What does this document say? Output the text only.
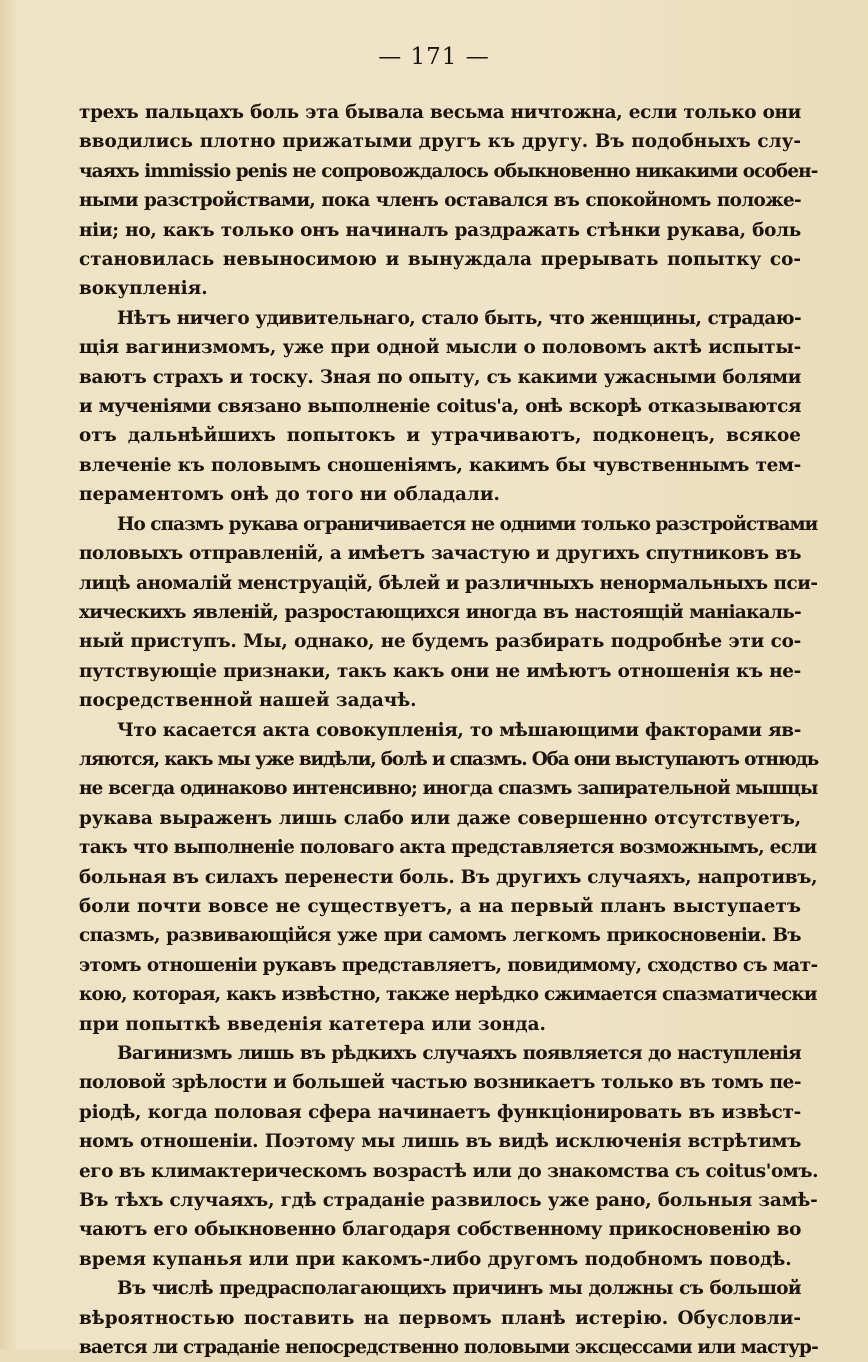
— 171 —

трехъ пальцахъ боль эта бывала весьма ничтожна, если только они
вводились плотно прижатыми другъ къ другу. Въ подобныхъ слу-
чаяхъ immissio penis не сопровождалось обыкновенно никакими особен-
ными разстройствами, пока членъ оставался въ спокойномъ положе-
нiи; но, какъ только онъ начиналъ раздражать стѣнки рукава, боль
становилась невыносимою и вынуждала прерывать попытку со-
вокупленія.

Нѣтъ ничего удивительнаго, стало быть, что женщины, страдаю-
щія вагинизмомъ, уже при одной мысли о половомъ актѣ испыты-
ваютъ страхъ и тоску. Зная по опыту, съ какими ужасными болями
и мученіями связано выполненіе coitus'а, онѣ вскорѣ отказываются
отъ дальнѣйшихъ попытокъ и утрачиваютъ, подконецъ, всякое
влеченіе къ половымъ сношеніямъ, какимъ бы чувственнымъ тем-
пераментомъ онѣ до того ни обладали.

Но спазмъ рукава ограничивается не одними только разстройствами
половыхъ отправленій, а имѣетъ зачастую и другихъ спутниковъ въ
лицѣ аномалій менструацій, бѣлей и различныхъ ненормальныхъ пси-
хическихъ явленій, разростающихся иногда въ настоящій маніакаль-
ный приступъ. Мы, однако, не будемъ разбирать подробнѣе эти со-
путствующіе признаки, такъ какъ они не имѣютъ отношенія къ не-
посредственной нашей задачѣ.

Что касается акта совокупленія, то мѣшающими факторами яв-
ляются, какъ мы уже видѣли, болѣ и спазмъ. Оба они выступаютъ отнюдь
не всегда одинаково интенсивно; иногда спазмъ запирательной мышцы
рукава выраженъ лишь слабо или даже совершенно отсутствуетъ,
такъ что выполненіе половаго акта представляется возможнымъ, если
больная въ силахъ перенести боль. Въ другихъ случаяхъ, напротивъ,
боли почти вовсе не существуетъ, а на первый планъ выступаетъ
спазмъ, развивающійся уже при самомъ легкомъ прикосновеніи. Въ
этомъ отношеніи рукавъ представляетъ, повидимому, сходство съ мат-
кою, которая, какъ извѣстно, также нерѣдко сжимается спазматически
при попыткѣ введенія катетера или зонда.

Вагинизмъ лишь въ рѣдкихъ случаяхъ появляется до наступленія
половой зрѣлости и большей частью возникаетъ только въ томъ пе-
ріодѣ, когда половая сфера начинаетъ функціонировать въ извѣст-
номъ отношеніи. Поэтому мы лишь въ видѣ исключенія встрѣтимъ
его въ климактерическомъ возрастѣ или до знакомства съ coitus'омъ.
Въ тѣхъ случаяхъ, гдѣ страданіе развилось уже рано, больныя замѣ-
чаютъ его обыкновенно благодаря собственному прикосновенію во
время купанья или при какомъ-либо другомъ подобномъ поводѣ.

Въ числѣ предрасполагающихъ причинъ мы должны съ большой
вѣроятностью поставить на первомъ планѣ истерію. Обусловли-
вается ли страданіе непосредственно половыми эксцессами или мастур-
